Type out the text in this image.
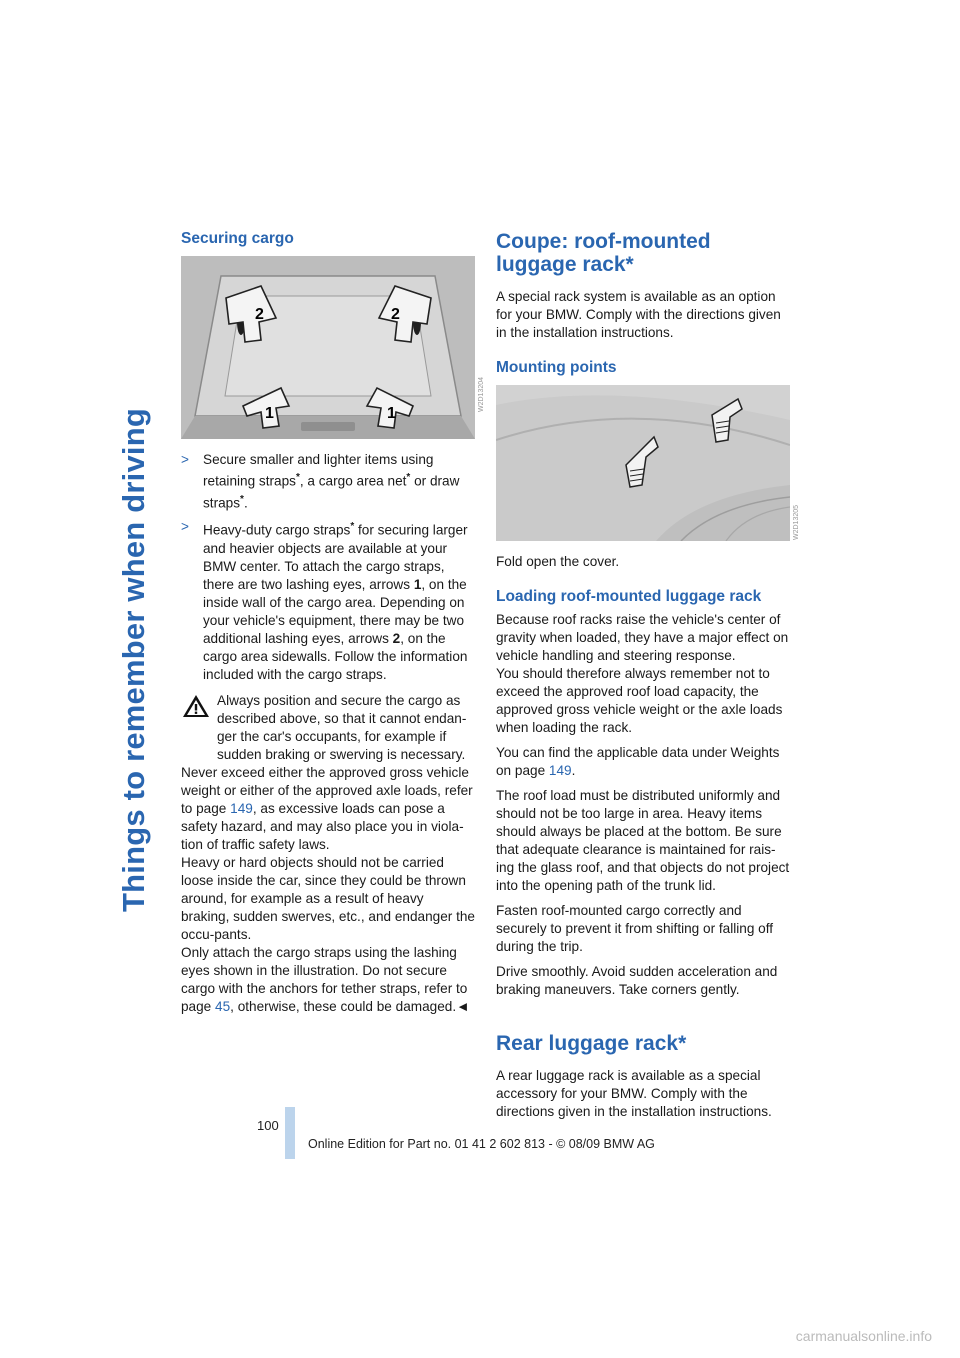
Things to remember when driving
Securing cargo
2	2
1	1
>	Secure smaller and lighter items using retaining straps*, a cargo area net* or draw straps*.
>	Heavy-duty cargo straps* for securing larger and heavier objects are available at your BMW center. To attach the cargo straps, there are two lashing eyes, arrows 1, on the inside wall of the cargo area. Depending on your vehicle's equipment, there may be two additional lashing eyes, arrows 2, on the cargo area sidewalls. Follow the information included with the cargo straps.
Always position and secure the cargo as described above, so that it cannot endan-ger the car's occupants, for example if sudden braking or swerving is necessary.

Never exceed either the approved gross vehicle weight or either of the approved axle loads, refer to page 149, as excessive loads can pose a safety hazard, and may also place you in viola-tion of traffic safety laws.

Heavy or hard objects should not be carried loose inside the car, since they could be thrown around, for example as a result of heavy braking, sudden swerves, etc., and endanger the occu-pants.

Only attach the cargo straps using the lashing eyes shown in the illustration. Do not secure cargo with the anchors for tether straps, refer to page 45, otherwise, these could be damaged.◄

W2D13204
Coupe: roof-mounted luggage rack*

A special rack system is available as an option for your BMW. Comply with the directions given in the installation instructions.

Mounting points

Fold open the cover.

Loading roof-mounted luggage rack

Because roof racks raise the vehicle's center of gravity when loaded, they have a major effect on vehicle handling and steering response.

You should therefore always remember not to exceed the approved roof load capacity, the approved gross vehicle weight or the axle loads when loading the rack.

You can find the applicable data under Weights on page 149.

The roof load must be distributed uniformly and should not be too large in area. Heavy items should always be placed at the bottom. Be sure that adequate clearance is maintained for rais-ing the glass roof, and that objects do not project into the opening path of the trunk lid.

Fasten roof-mounted cargo correctly and securely to prevent it from shifting or falling off during the trip.

Drive smoothly. Avoid sudden acceleration and braking maneuvers. Take corners gently.

Rear luggage rack*

A rear luggage rack is available as a special accessory for your BMW. Comply with the directions given in the installation instructions.

W2D13205
100
Online Edition for Part no. 01 41 2 602 813 - © 08/09 BMW AG
carmanualsonline.info
